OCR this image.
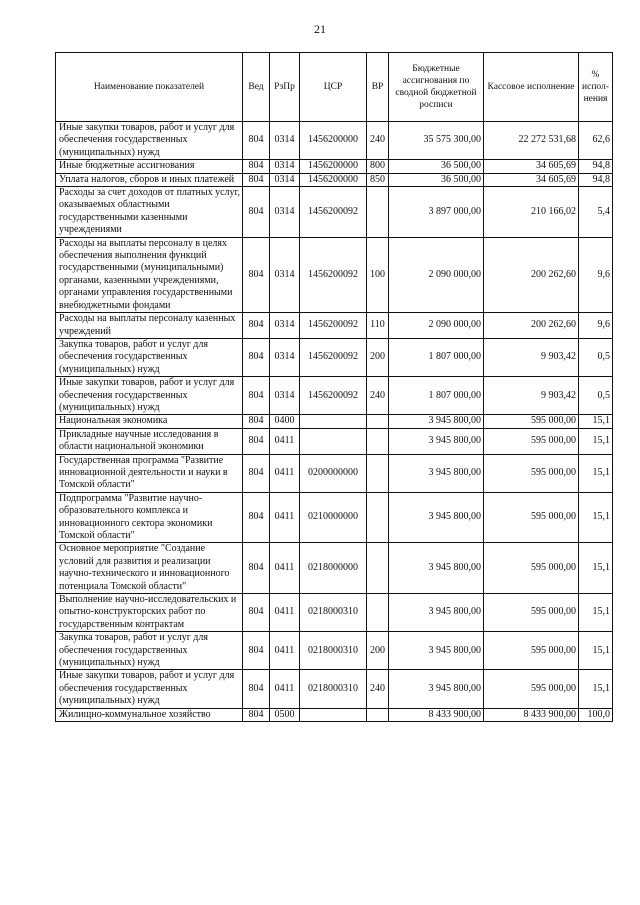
21
Наименование показателей	Вед	РзПр	ЦСР	ВР	Бюджетные ассигнования по сводной бюджетной росписи	Кассовое исполнение	% испол-нения
Иные закупки товаров, работ и услуг для обеспечения государственных (муниципальных) нужд	804	0314	1456200000	240	35 575 300,00	22 272 531,68	62,6
Иные бюджетные ассигнования	804	0314	1456200000	800	36 500,00	34 605,69	94,8
Уплата налогов, сборов и иных платежей	804	0314	1456200000	850	36 500,00	34 605,69	94,8
Расходы за счет доходов от платных услуг, оказываемых областными государственными казенными учреждениями	804	0314	1456200092		3 897 000,00	210 166,02	5,4
Расходы на выплаты персоналу в целях обеспечения выполнения функций государственными (муниципальными) органами, казенными учреждениями, органами управления государственными внебюджетными фондами	804	0314	1456200092	100	2 090 000,00	200 262,60	9,6
Расходы на выплаты персоналу казенных учреждений	804	0314	1456200092	110	2 090 000,00	200 262,60	9,6
Закупка товаров, работ и услуг для обеспечения государственных (муниципальных) нужд	804	0314	1456200092	200	1 807 000,00	9 903,42	0,5
Иные закупки товаров, работ и услуг для обеспечения государственных (муниципальных) нужд	804	0314	1456200092	240	1 807 000,00	9 903,42	0,5
Национальная экономика	804	0400			3 945 800,00	595 000,00	15,1
Прикладные научные исследования в области национальной экономики	804	0411			3 945 800,00	595 000,00	15,1
Государственная программа "Развитие инновационной деятельности и науки в Томской области"	804	0411	0200000000		3 945 800,00	595 000,00	15,1
Подпрограмма "Развитие научно-образовательного комплекса и инновационного сектора экономики Томской области"	804	0411	0210000000		3 945 800,00	595 000,00	15,1
Основное мероприятие "Создание условий для развития и реализации научно-технического и инновационного потенциала Томской области"	804	0411	0218000000		3 945 800,00	595 000,00	15,1
Выполнение научно-исследовательских и опытно-конструкторских работ по государственным контрактам	804	0411	0218000310		3 945 800,00	595 000,00	15,1
Закупка товаров, работ и услуг для обеспечения государственных (муниципальных) нужд	804	0411	0218000310	200	3 945 800,00	595 000,00	15,1
Иные закупки товаров, работ и услуг для обеспечения государственных (муниципальных) нужд	804	0411	0218000310	240	3 945 800,00	595 000,00	15,1
Жилищно-коммунальное хозяйство	804	0500			8 433 900,00	8 433 900,00	100,0
